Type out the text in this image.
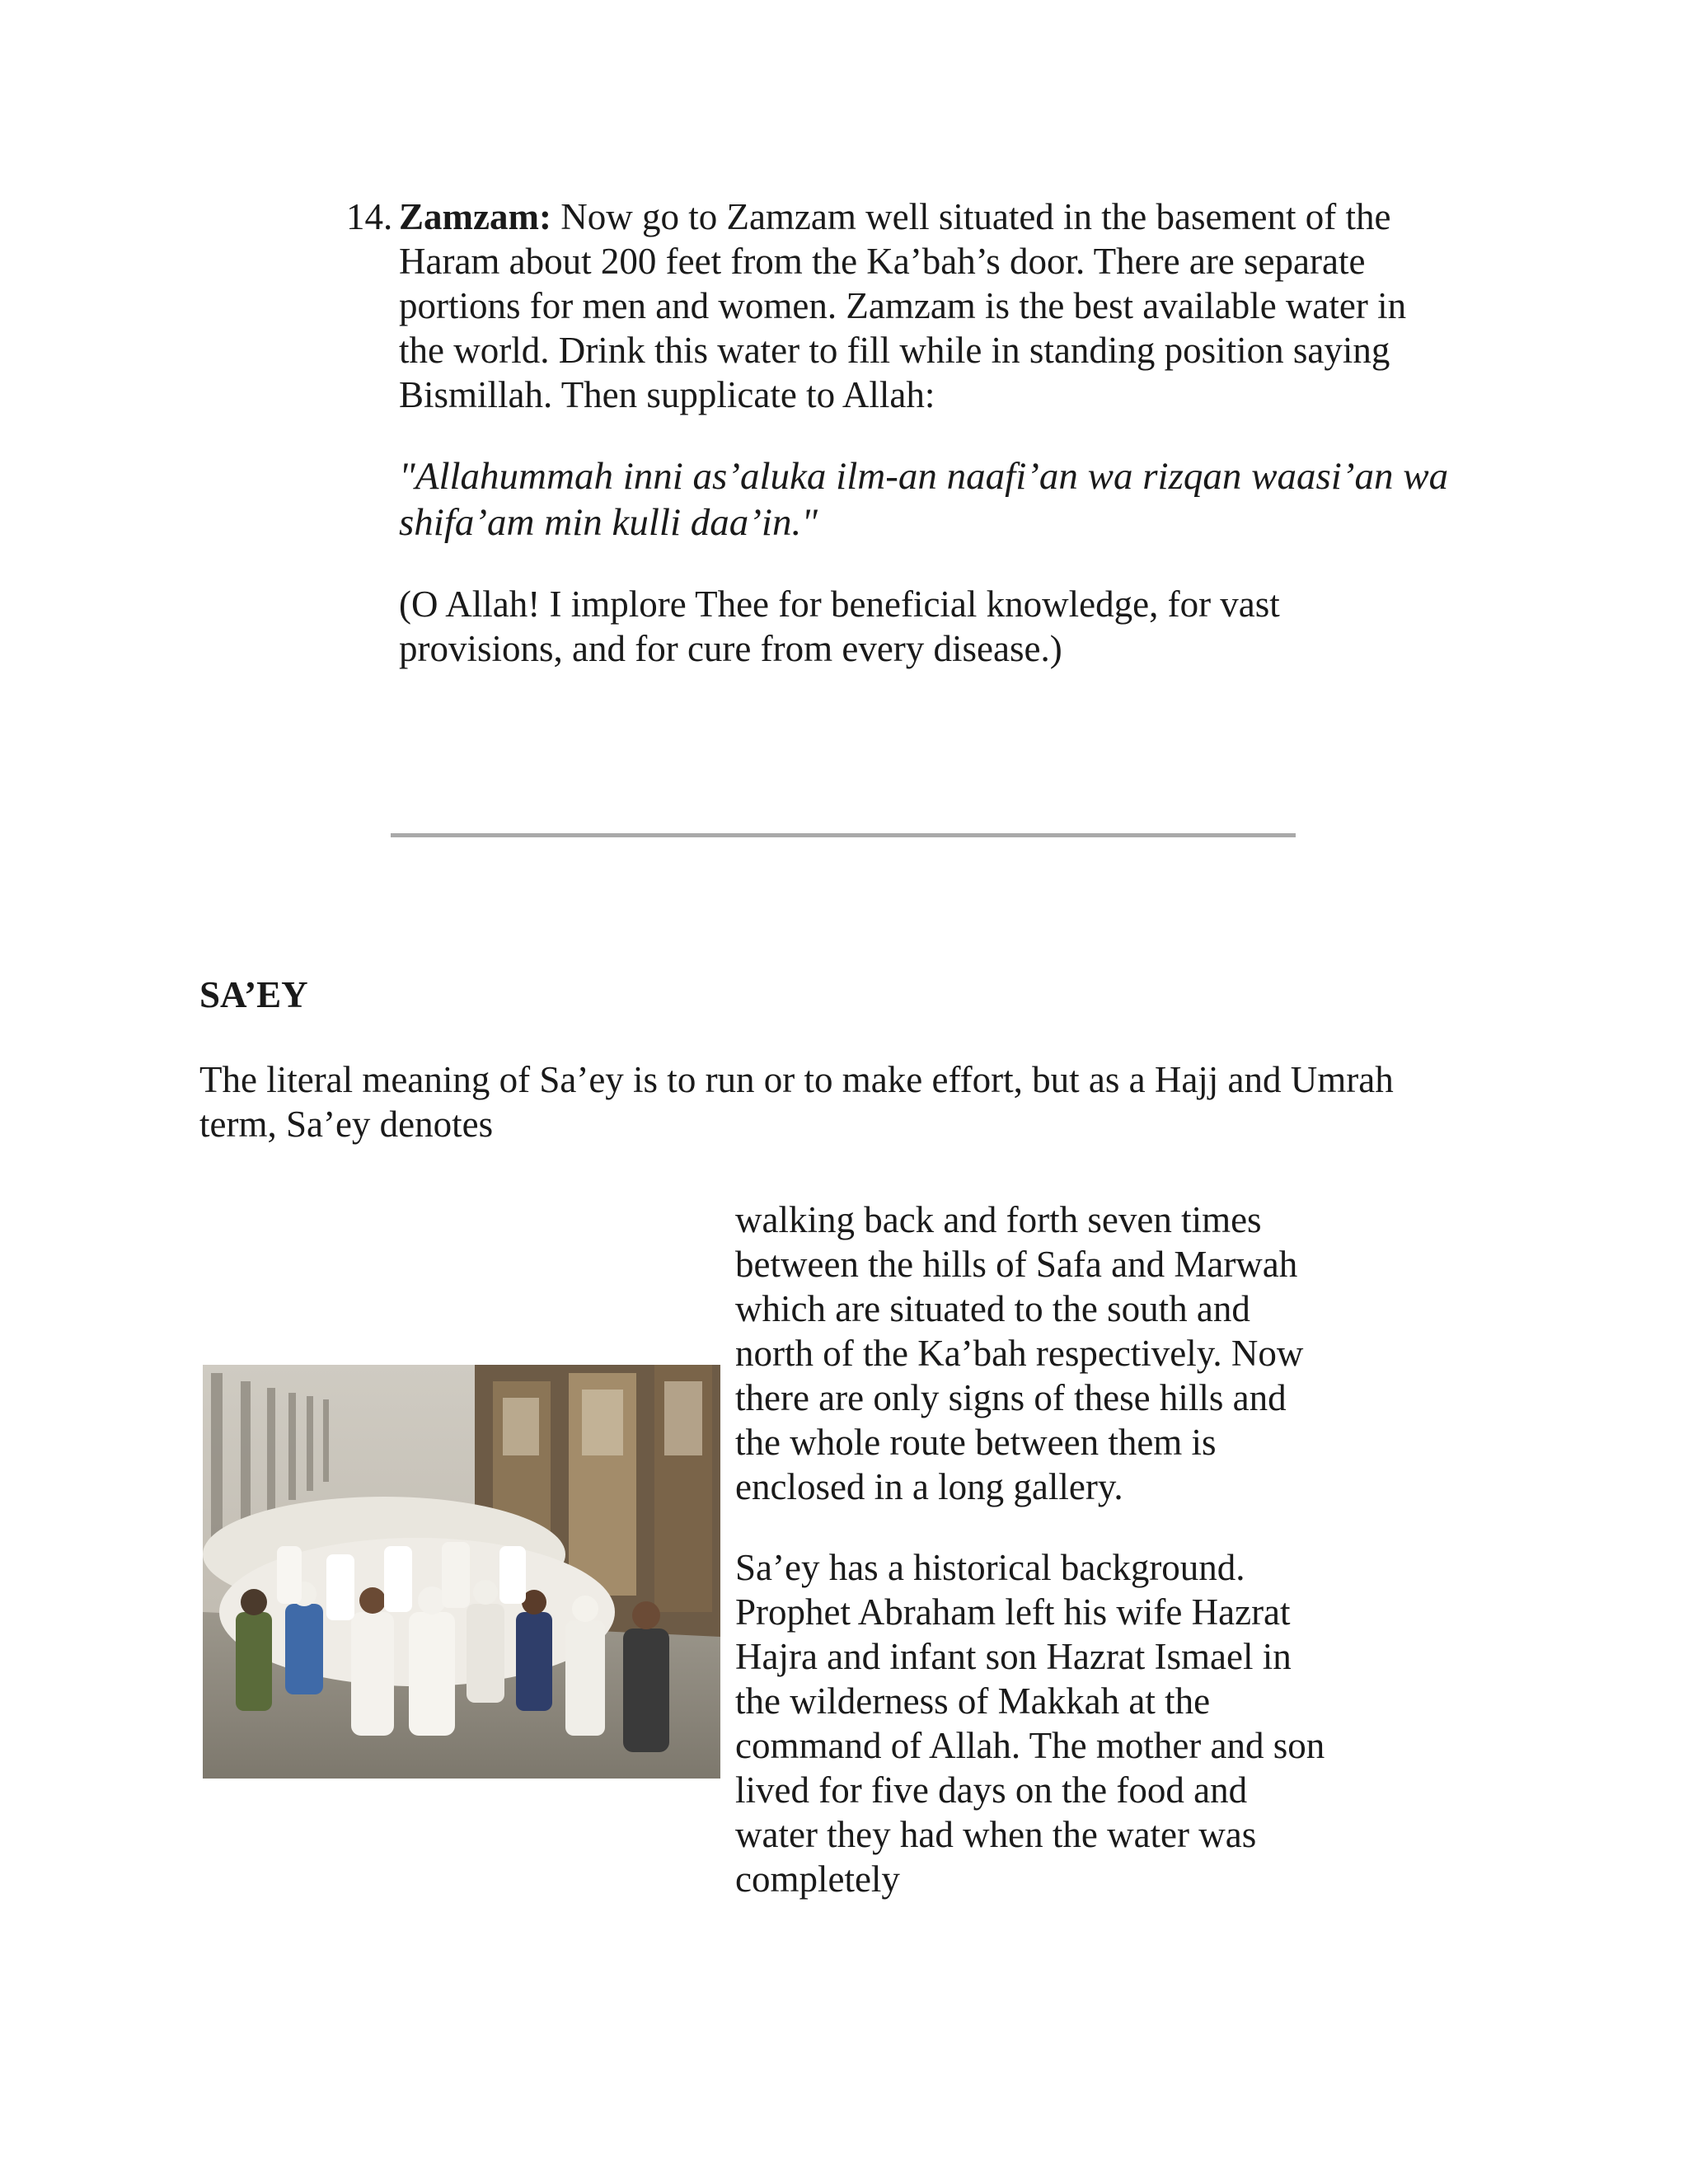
14. Zamzam: Now go to Zamzam well situated in the basement of the Haram about 200 feet from the Ka’bah’s door. There are separate portions for men and women. Zamzam is the best available water in the world. Drink this water to fill while in standing position saying Bismillah. Then supplicate to Allah:
"Allahummah inni as’aluka ilm-an naafi’an wa rizqan waasi’an wa shifa’am min kulli daa’in."
(O Allah! I implore Thee for beneficial knowledge, for vast provisions, and for cure from every disease.)
SA’EY
The literal meaning of Sa’ey is to run or to make effort, but as a Hajj and Umrah term, Sa’ey denotes

walking back and forth seven times between the hills of Safa and Marwah which are situated to the south and north of the Ka’bah respectively. Now there are only signs of these hills and the whole route between them is enclosed in a long gallery.

Sa’ey has a historical background. Prophet Abraham left his wife Hazrat Hajra and infant son Hazrat Ismael in the wilderness of Makkah at the command of Allah. The mother and son lived for five days on the food and water they had when the water was completely
